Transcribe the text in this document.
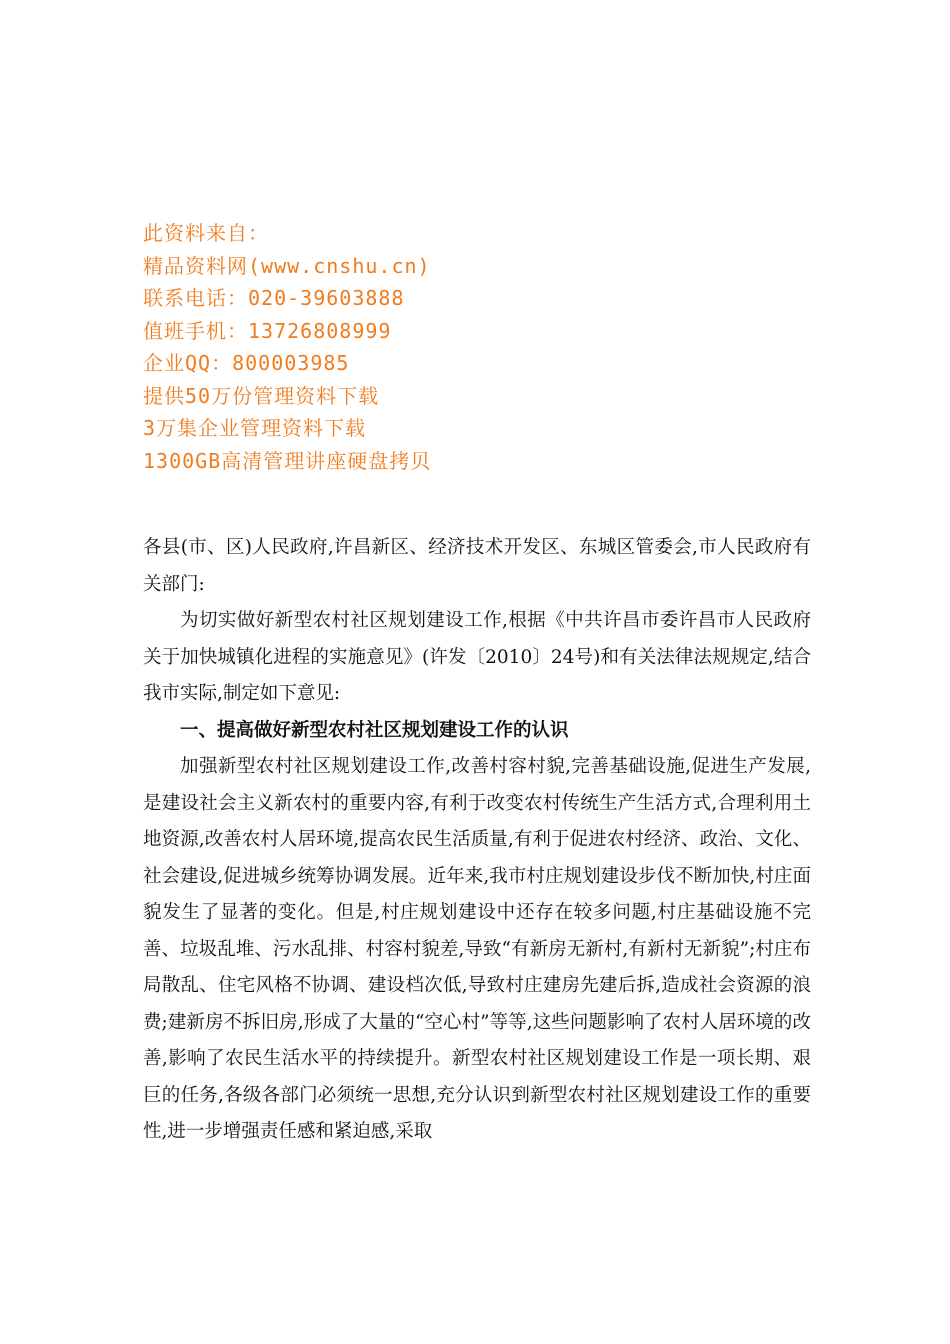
此资料来自：
精品资料网(www.cnshu.cn)
联系电话：020-39603888
值班手机：13726808999
企业QQ：800003985
提供50万份管理资料下载
3万集企业管理资料下载
1300GB高清管理讲座硬盘拷贝

各县(市、区)人民政府,许昌新区、经济技术开发区、东城区管委会,市人民政府有关部门:

为切实做好新型农村社区规划建设工作,根据《中共许昌市委许昌市人民政府关于加快城镇化进程的实施意见》(许发〔2010〕24号)和有关法律法规规定,结合我市实际,制定如下意见:

一、提高做好新型农村社区规划建设工作的认识

加强新型农村社区规划建设工作,改善村容村貌,完善基础设施,促进生产发展,是建设社会主义新农村的重要内容,有利于改变农村传统生产生活方式,合理利用土地资源,改善农村人居环境,提高农民生活质量,有利于促进农村经济、政治、文化、社会建设,促进城乡统筹协调发展。近年来,我市村庄规划建设步伐不断加快,村庄面貌发生了显著的变化。但是,村庄规划建设中还存在较多问题,村庄基础设施不完善、垃圾乱堆、污水乱排、村容村貌差,导致“有新房无新村,有新村无新貌”;村庄布局散乱、住宅风格不协调、建设档次低,导致村庄建房先建后拆,造成社会资源的浪费;建新房不拆旧房,形成了大量的“空心村”等等,这些问题影响了农村人居环境的改善,影响了农民生活水平的持续提升。新型农村社区规划建设工作是一项长期、艰巨的任务,各级各部门必须统一思想,充分认识到新型农村社区规划建设工作的重要性,进一步增强责任感和紧迫感,采取
